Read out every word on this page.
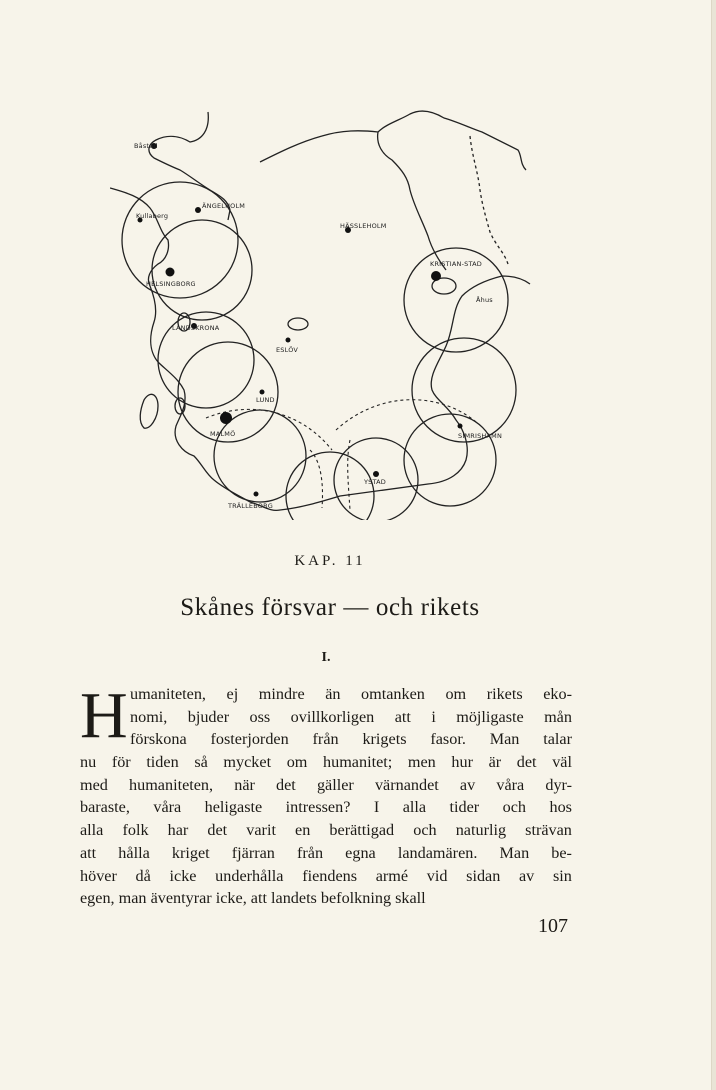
Båstad
ÄNGELHOLM
Kullaberg
HELSINGBORG
HÄSSLEHOLM
KRISTIAN-STAD
Åhus
LANDSKRONA
ESLÖV
LUND
MALMÖ	SIMRISHAMN
YSTAD
TRÄLLEBORG
KAP. 11
Skånes försvar — och rikets
I.
H umaniteten, ej mindre än omtanken om rikets eko-
nomi, bjuder oss ovillkorligen att i möjligaste mån
förskona fosterjorden från krigets fasor. Man talar
nu för tiden så mycket om humanitet; men hur är det väl
med humaniteten, när det gäller värnandet av våra dyr-
baraste, våra heligaste intressen? I alla tider och hos
alla folk har det varit en berättigad och naturlig strävan
att hålla kriget fjärran från egna landamären. Man be-
höver då icke underhålla fiendens armé vid sidan av sin
egen, man äventyrar icke, att landets befolkning skall
107
